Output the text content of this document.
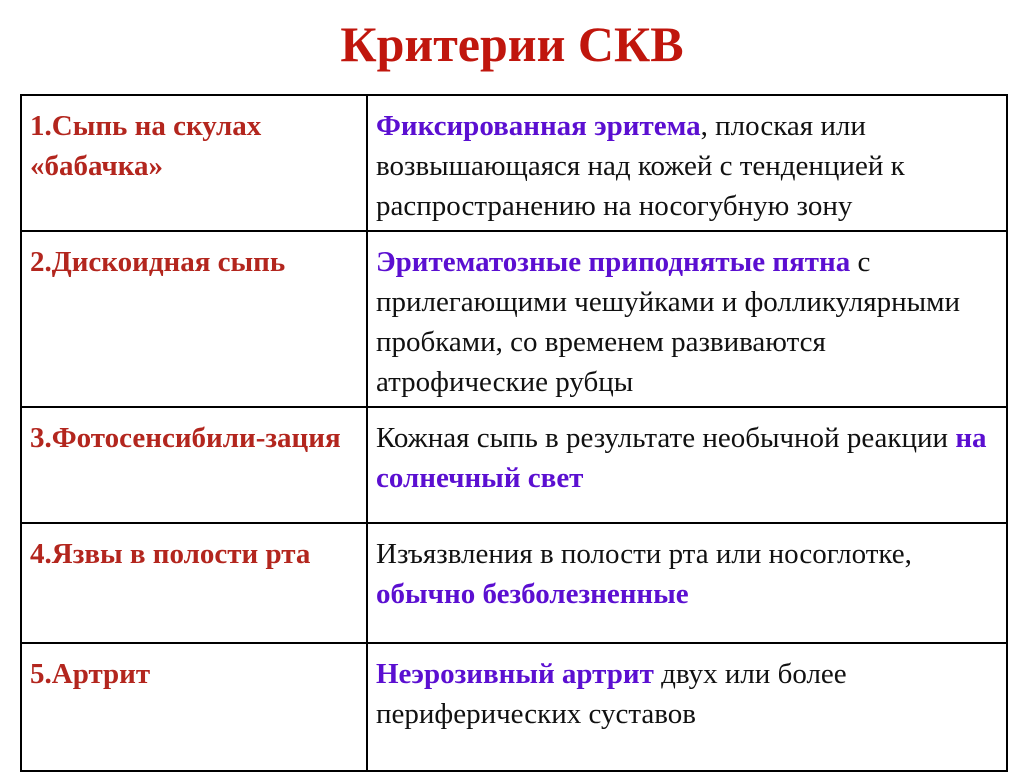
Критерии СКВ
1.Сыпь на скулах «бабачка»	Фиксированная эритема, плоская или возвышающаяся над кожей с тенденцией к распространению на носогубную зону
2.Дискоидная сыпь	Эритематозные приподнятые пятна с прилегающими чешуйками и фолликулярными пробками, со временем развиваются атрофические рубцы
3.Фотосенсибили-зация	Кожная сыпь в результате необычной реакции на солнечный свет
4.Язвы в полости рта	Изъязвления в полости рта или носоглотке, обычно безболезненные
5.Артрит	Неэрозивный артрит двух или более периферических суставов
